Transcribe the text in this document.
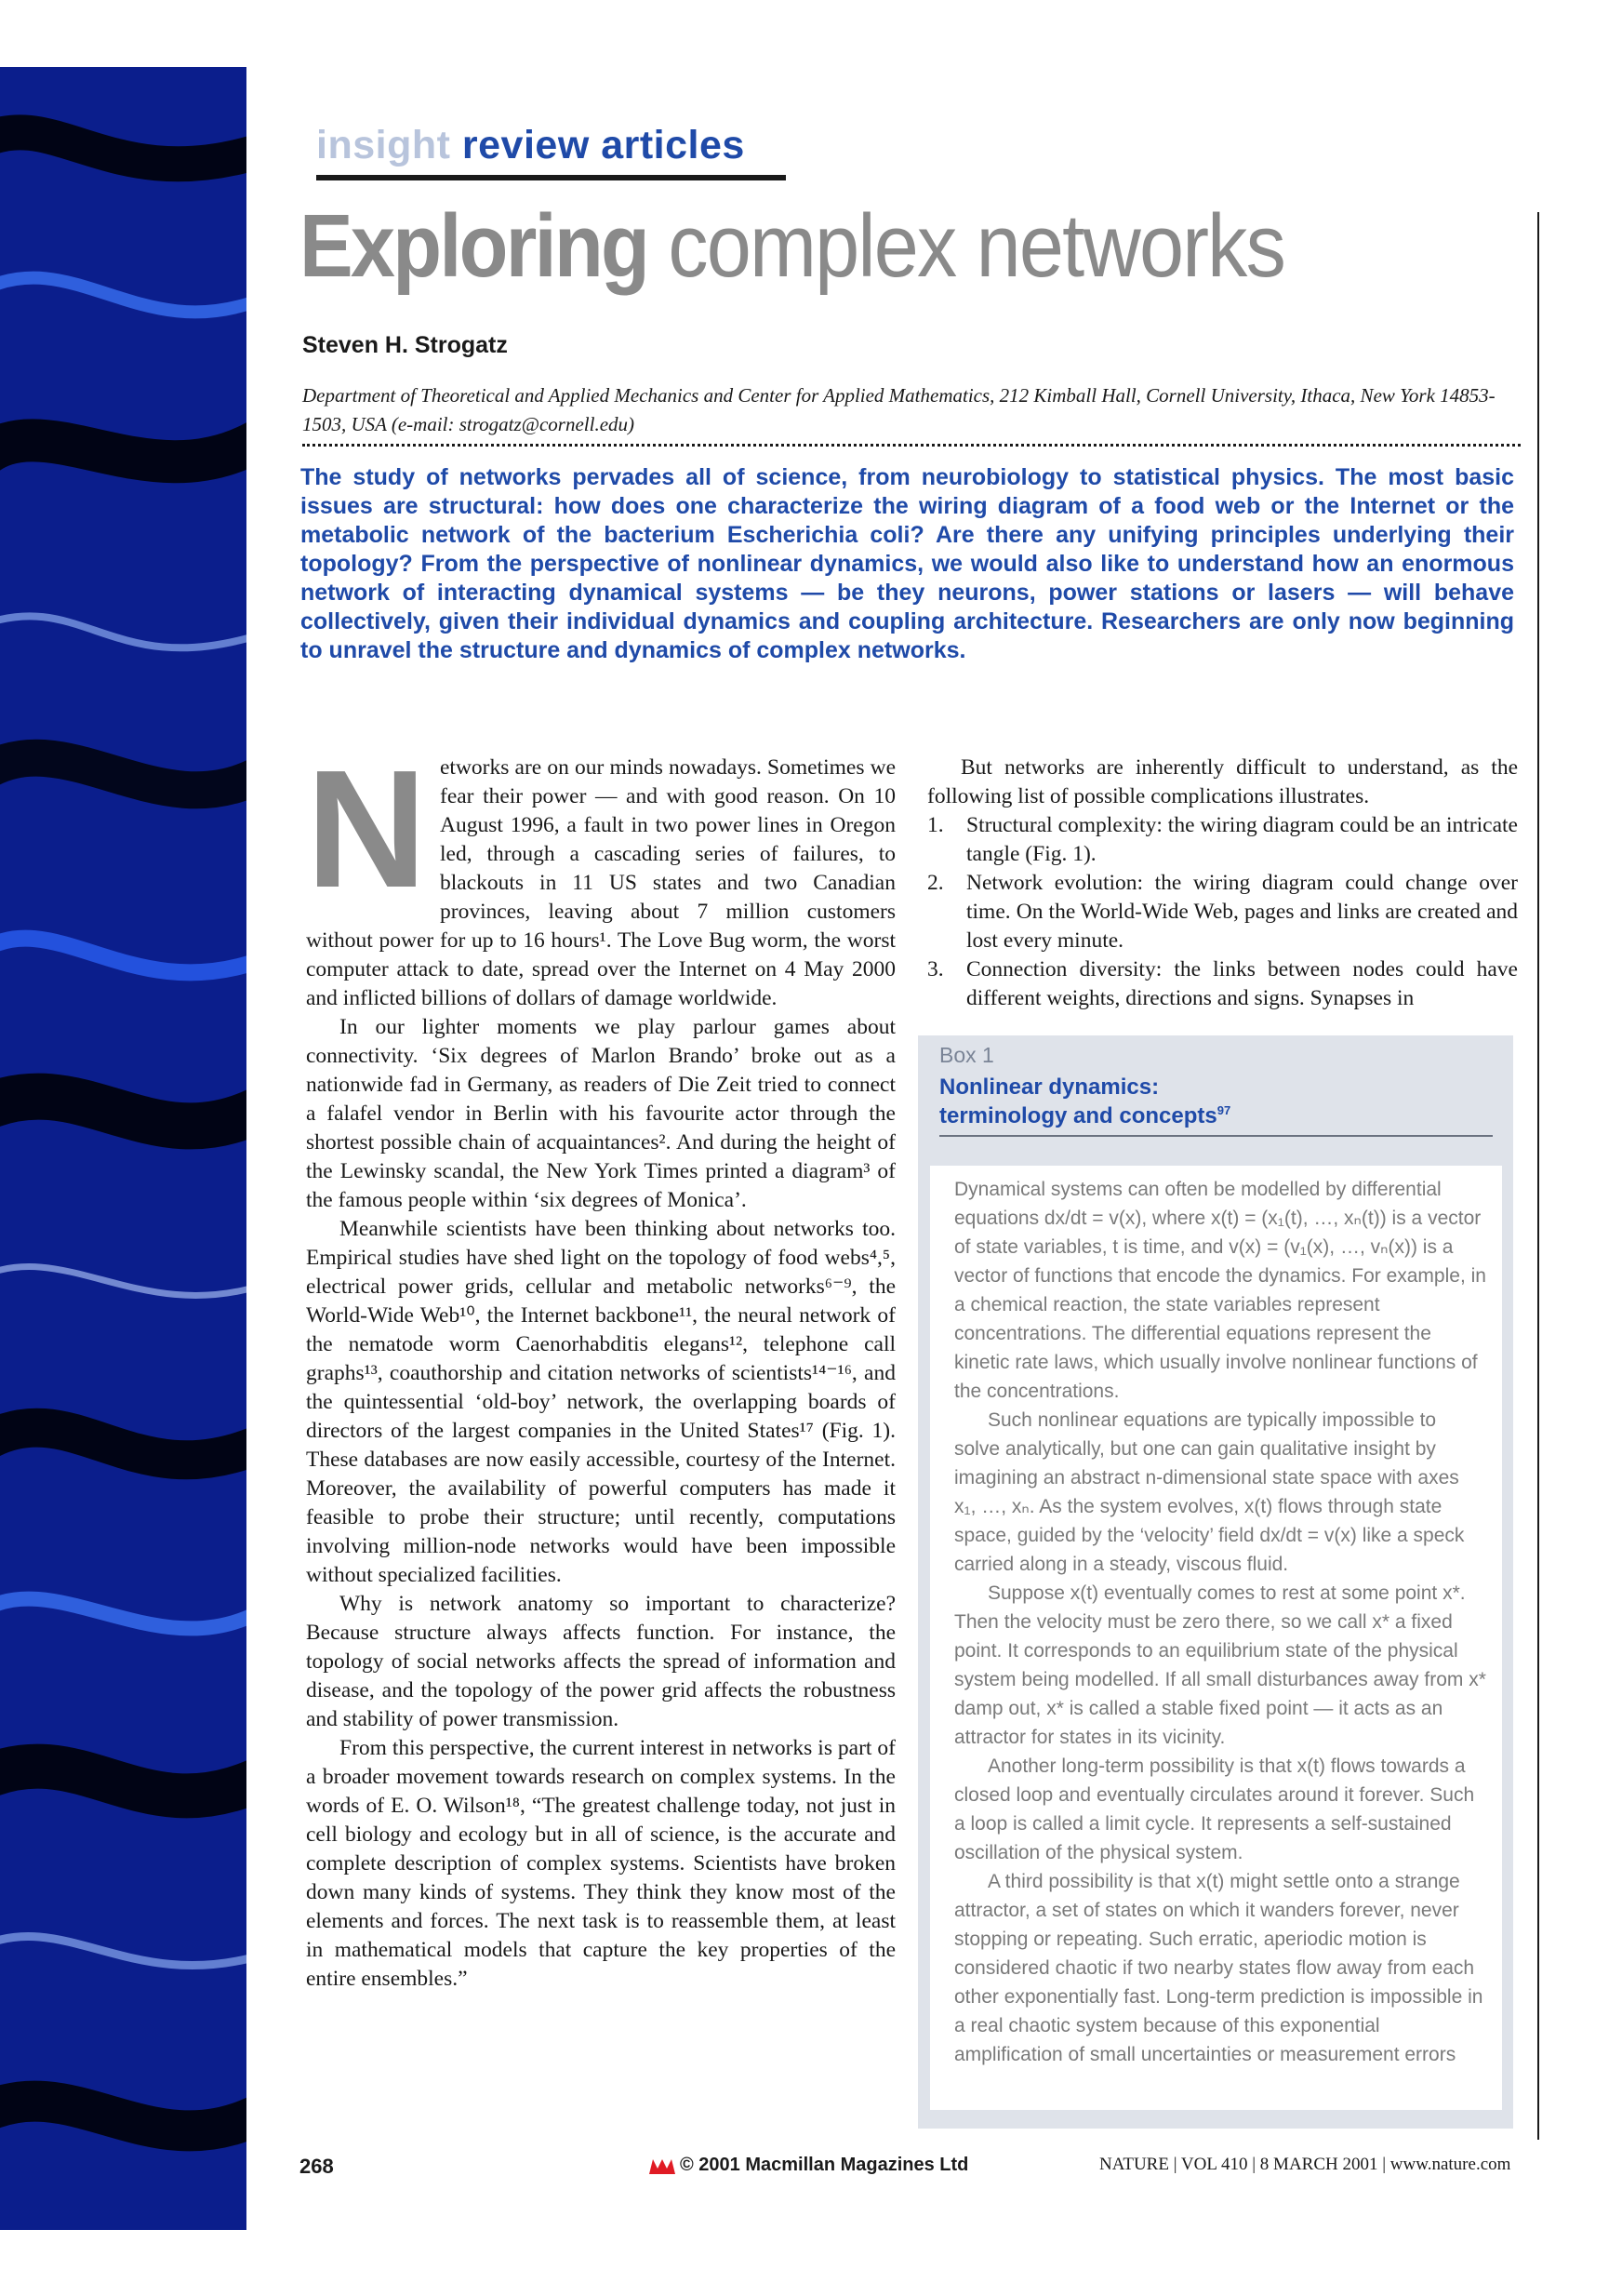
insight review articles
Exploring complex networks
Steven H. Strogatz
Department of Theoretical and Applied Mechanics and Center for Applied Mathematics, 212 Kimball Hall, Cornell University, Ithaca, New York 14853-1503, USA (e-mail: strogatz@cornell.edu)
The study of networks pervades all of science, from neurobiology to statistical physics. The most basic issues are structural: how does one characterize the wiring diagram of a food web or the Internet or the metabolic network of the bacterium Escherichia coli? Are there any unifying principles underlying their topology? From the perspective of nonlinear dynamics, we would also like to understand how an enormous network of interacting dynamical systems — be they neurons, power stations or lasers — will behave collectively, given their individual dynamics and coupling architecture. Researchers are only now beginning to unravel the structure and dynamics of complex networks.

Networks are on our minds nowadays. Sometimes we fear their power — and with good reason. On 10 August 1996, a fault in two power lines in Oregon led, through a cascading series of failures, to blackouts in 11 US states and two Canadian provinces, leaving about 7 million customers without power for up to 16 hours¹. The Love Bug worm, the worst computer attack to date, spread over the Internet on 4 May 2000 and inflicted billions of dollars of damage worldwide.

In our lighter moments we play parlour games about connectivity. ‘Six degrees of Marlon Brando’ broke out as a nationwide fad in Germany, as readers of Die Zeit tried to connect a falafel vendor in Berlin with his favourite actor through the shortest possible chain of acquaintances². And during the height of the Lewinsky scandal, the New York Times printed a diagram³ of the famous people within ‘six degrees of Monica’.

Meanwhile scientists have been thinking about networks too. Empirical studies have shed light on the topology of food webs⁴,⁵, electrical power grids, cellular and metabolic networks⁶⁻⁹, the World-Wide Web¹⁰, the Internet backbone¹¹, the neural network of the nematode worm Caenorhabditis elegans¹², telephone call graphs¹³, coauthorship and citation networks of scientists¹⁴⁻¹⁶, and the quintessential ‘old-boy’ network, the overlapping boards of directors of the largest companies in the United States¹⁷ (Fig. 1). These databases are now easily accessible, courtesy of the Internet. Moreover, the availability of powerful computers has made it feasible to probe their structure; until recently, computations involving million-node networks would have been impossible without specialized facilities.

Why is network anatomy so important to characterize? Because structure always affects function. For instance, the topology of social networks affects the spread of information and disease, and the topology of the power grid affects the robustness and stability of power transmission.

From this perspective, the current interest in networks is part of a broader movement towards research on complex systems. In the words of E. O. Wilson¹⁸, “The greatest challenge today, not just in cell biology and ecology but in all of science, is the accurate and complete description of complex systems. Scientists have broken down many kinds of systems. They think they know most of the elements and forces. The next task is to reassemble them, at least in mathematical models that capture the key properties of the entire ensembles.”

But networks are inherently difficult to understand, as the following list of possible complications illustrates.

1. Structural complexity: the wiring diagram could be an intricate tangle (Fig. 1).
2. Network evolution: the wiring diagram could change over time. On the World-Wide Web, pages and links are created and lost every minute.
3. Connection diversity: the links between nodes could have different weights, directions and signs. Synapses in
Box 1
Nonlinear dynamics:
terminology and concepts$^{97}$

Dynamical systems can often be modelled by differential equations dx/dt = v(x), where x(t) = (x₁(t), …, xₙ(t)) is a vector of state variables, t is time, and v(x) = (v₁(x), …, vₙ(x)) is a vector of functions that encode the dynamics. For example, in a chemical reaction, the state variables represent concentrations. The differential equations represent the kinetic rate laws, which usually involve nonlinear functions of the concentrations.

Such nonlinear equations are typically impossible to solve analytically, but one can gain qualitative insight by imagining an abstract n-dimensional state space with axes x₁, …, xₙ. As the system evolves, x(t) flows through state space, guided by the ‘velocity’ field dx/dt = v(x) like a speck carried along in a steady, viscous fluid.

Suppose x(t) eventually comes to rest at some point x*. Then the velocity must be zero there, so we call x* a fixed point. It corresponds to an equilibrium state of the physical system being modelled. If all small disturbances away from x* damp out, x* is called a stable fixed point — it acts as an attractor for states in its vicinity.

Another long-term possibility is that x(t) flows towards a closed loop and eventually circulates around it forever. Such a loop is called a limit cycle. It represents a self-sustained oscillation of the physical system.

A third possibility is that x(t) might settle onto a strange attractor, a set of states on which it wanders forever, never stopping or repeating. Such erratic, aperiodic motion is considered chaotic if two nearby states flow away from each other exponentially fast. Long-term prediction is impossible in a real chaotic system because of this exponential amplification of small uncertainties or measurement errors

268	© 2001 Macmillan Magazines Ltd	NATURE | VOL 410 | 8 MARCH 2001 | www.nature.com
